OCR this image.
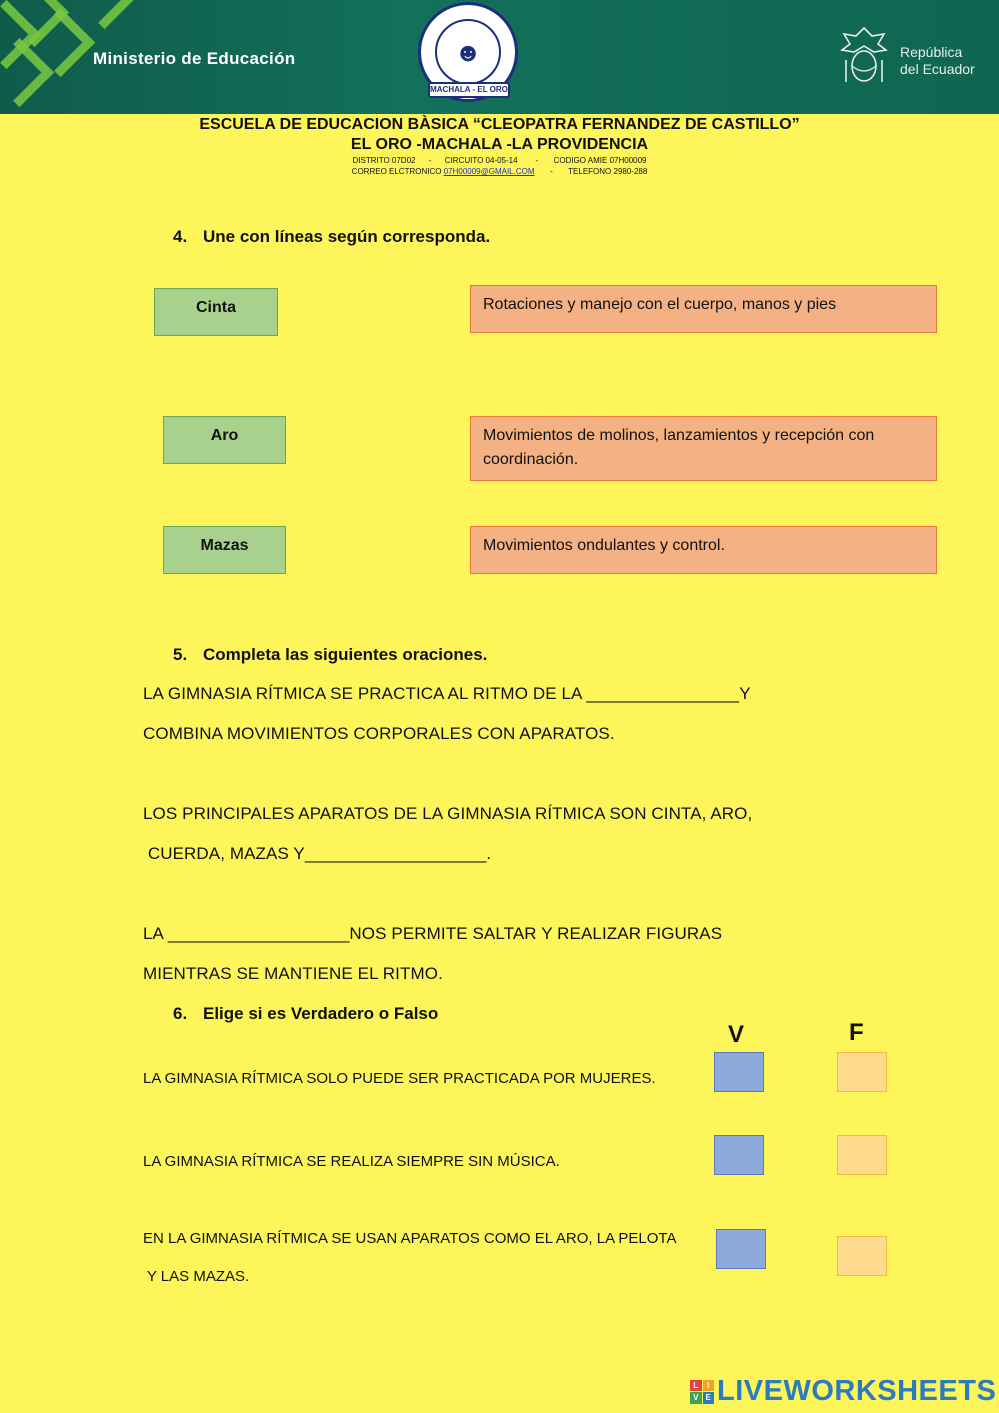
Ministerio de Educación	☻
MACHALA - EL ORO
República
del Ecuador
ESCUELA DE EDUCACION BÀSICA “CLEOPATRA FERNANDEZ DE CASTILLO”
EL ORO -MACHALA -LA PROVIDENCIA
DISTRITO 07D02      -      CIRCUITO 04-05-14        -       CODIGO AMIE 07H00009
CORREO ELCTRONICO 07H00009@GMAIL.COM       -       TELEFONO 2980-288
4. Une con líneas según corresponda.
Cinta
Aro
Mazas
Rotaciones y manejo con el cuerpo, manos y pies
Movimientos de molinos, lanzamientos y recepción con coordinación.
Movimientos ondulantes y control.
5. Completa las siguientes oraciones.
LA GIMNASIA RÍTMICA SE PRACTICA AL RITMO DE LA ________________Y
COMBINA MOVIMIENTOS CORPORALES CON APARATOS.
LOS PRINCIPALES APARATOS DE LA GIMNASIA RÍTMICA SON CINTA, ARO,
CUERDA, MAZAS Y___________________.
LA ___________________NOS PERMITE SALTAR Y REALIZAR FIGURAS
MIENTRAS SE MANTIENE EL RITMO.
6. Elige si es Verdadero o Falso
V	F
LA GIMNASIA RÍTMICA SOLO PUEDE SER PRACTICADA POR MUJERES.
LA GIMNASIA RÍTMICA SE REALIZA SIEMPRE SIN MÚSICA.
EN LA GIMNASIA RÍTMICA SE USAN APARATOS COMO EL ARO, LA PELOTA
Y LAS MAZAS.
L	I
V E LIVEWORKSHEETS
